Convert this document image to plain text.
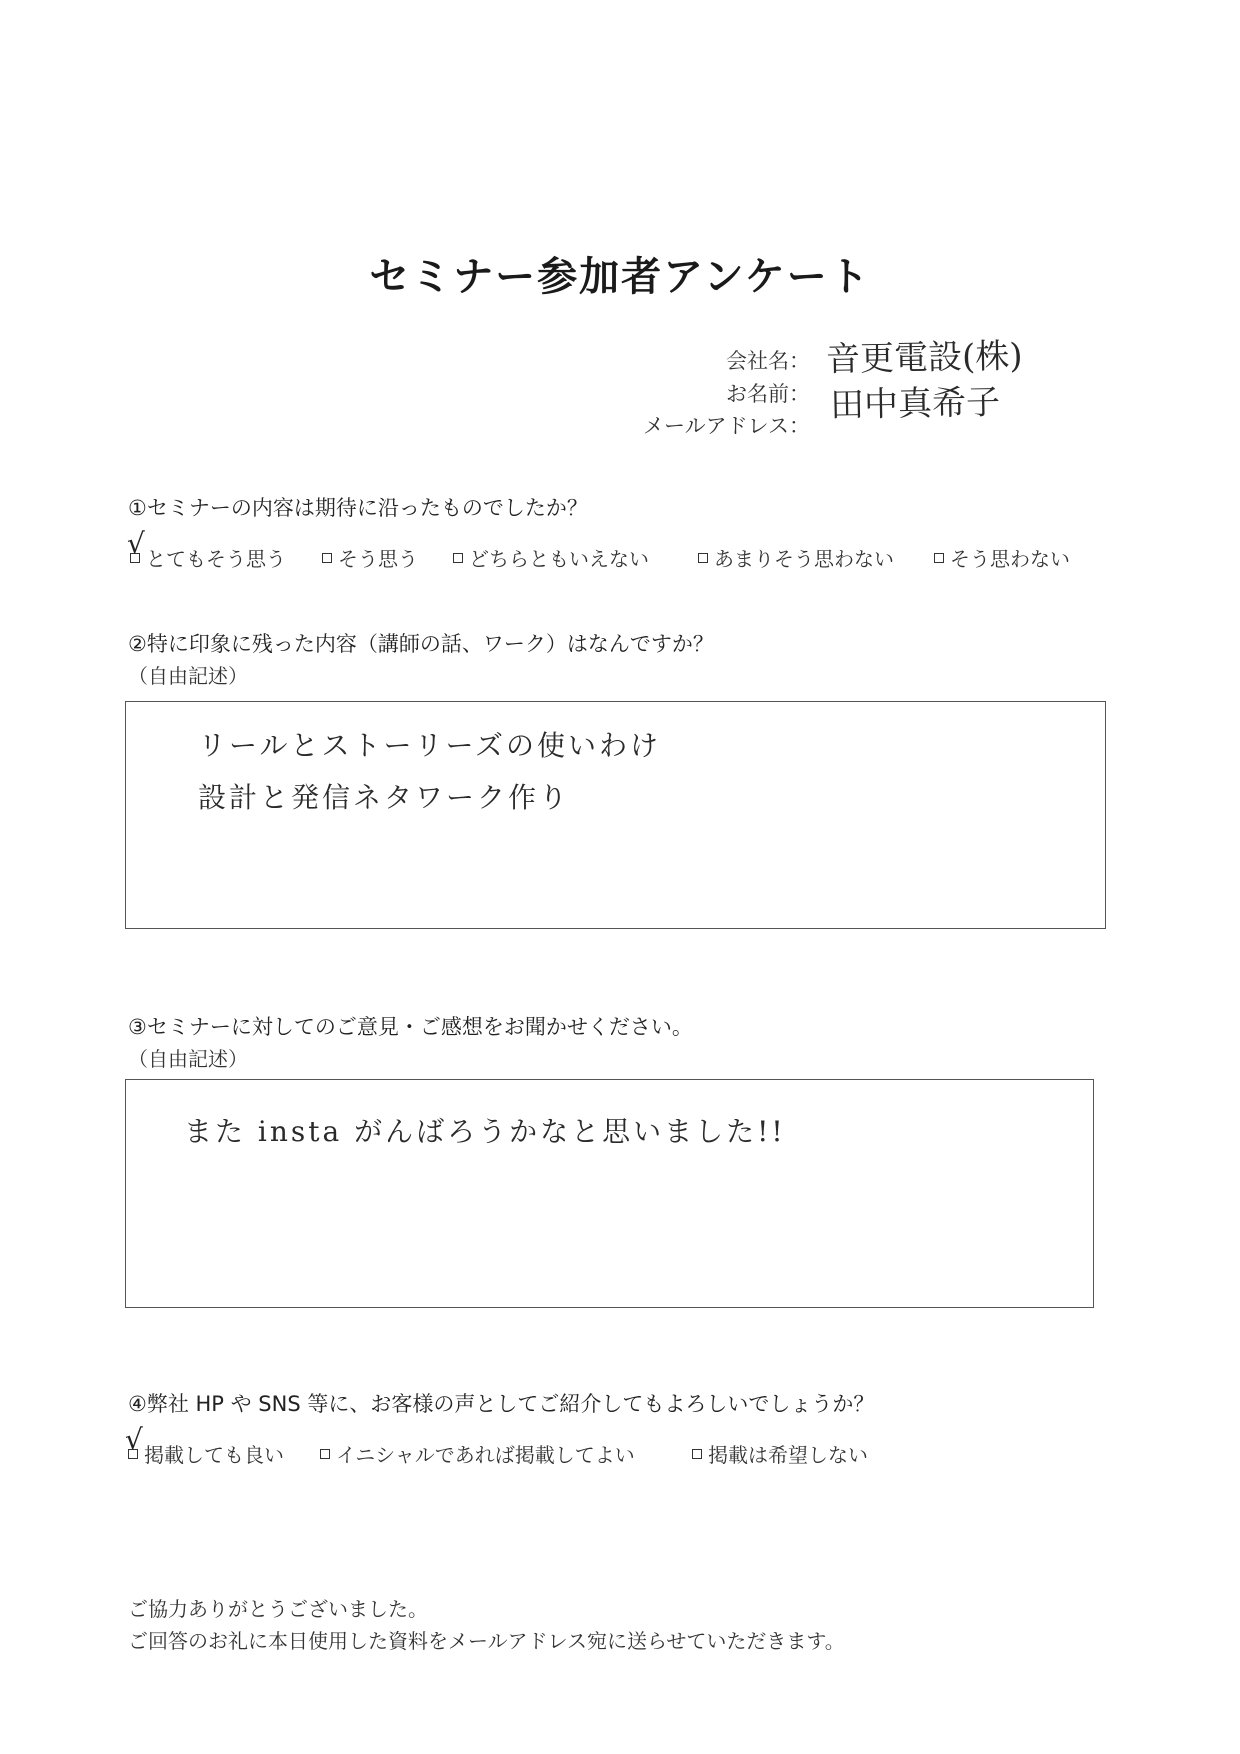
セミナー参加者アンケート
会社名： 音更電設(株)
お名前： 田中真希子
メールアドレス：
①セミナーの内容は期待に沿ったものでしたか？
√ とてもそう思う	そう思う	どちらともいえない	あまりそう思わない	そう思わない
②特に印象に残った内容（講師の話、ワーク）はなんですか？
（自由記述）
リールとストーリーズの使いわけ
設計と発信ネタワーク作り
③セミナーに対してのご意見・ご感想をお聞かせください。
（自由記述）
また insta がんばろうかなと思いました!!
④弊社 HP や SNS 等に、お客様の声としてご紹介してもよろしいでしょうか？
√ 掲載しても良い	イニシャルであれば掲載してよい	掲載は希望しない
ご協力ありがとうございました。
ご回答のお礼に本日使用した資料をメールアドレス宛に送らせていただきます。
